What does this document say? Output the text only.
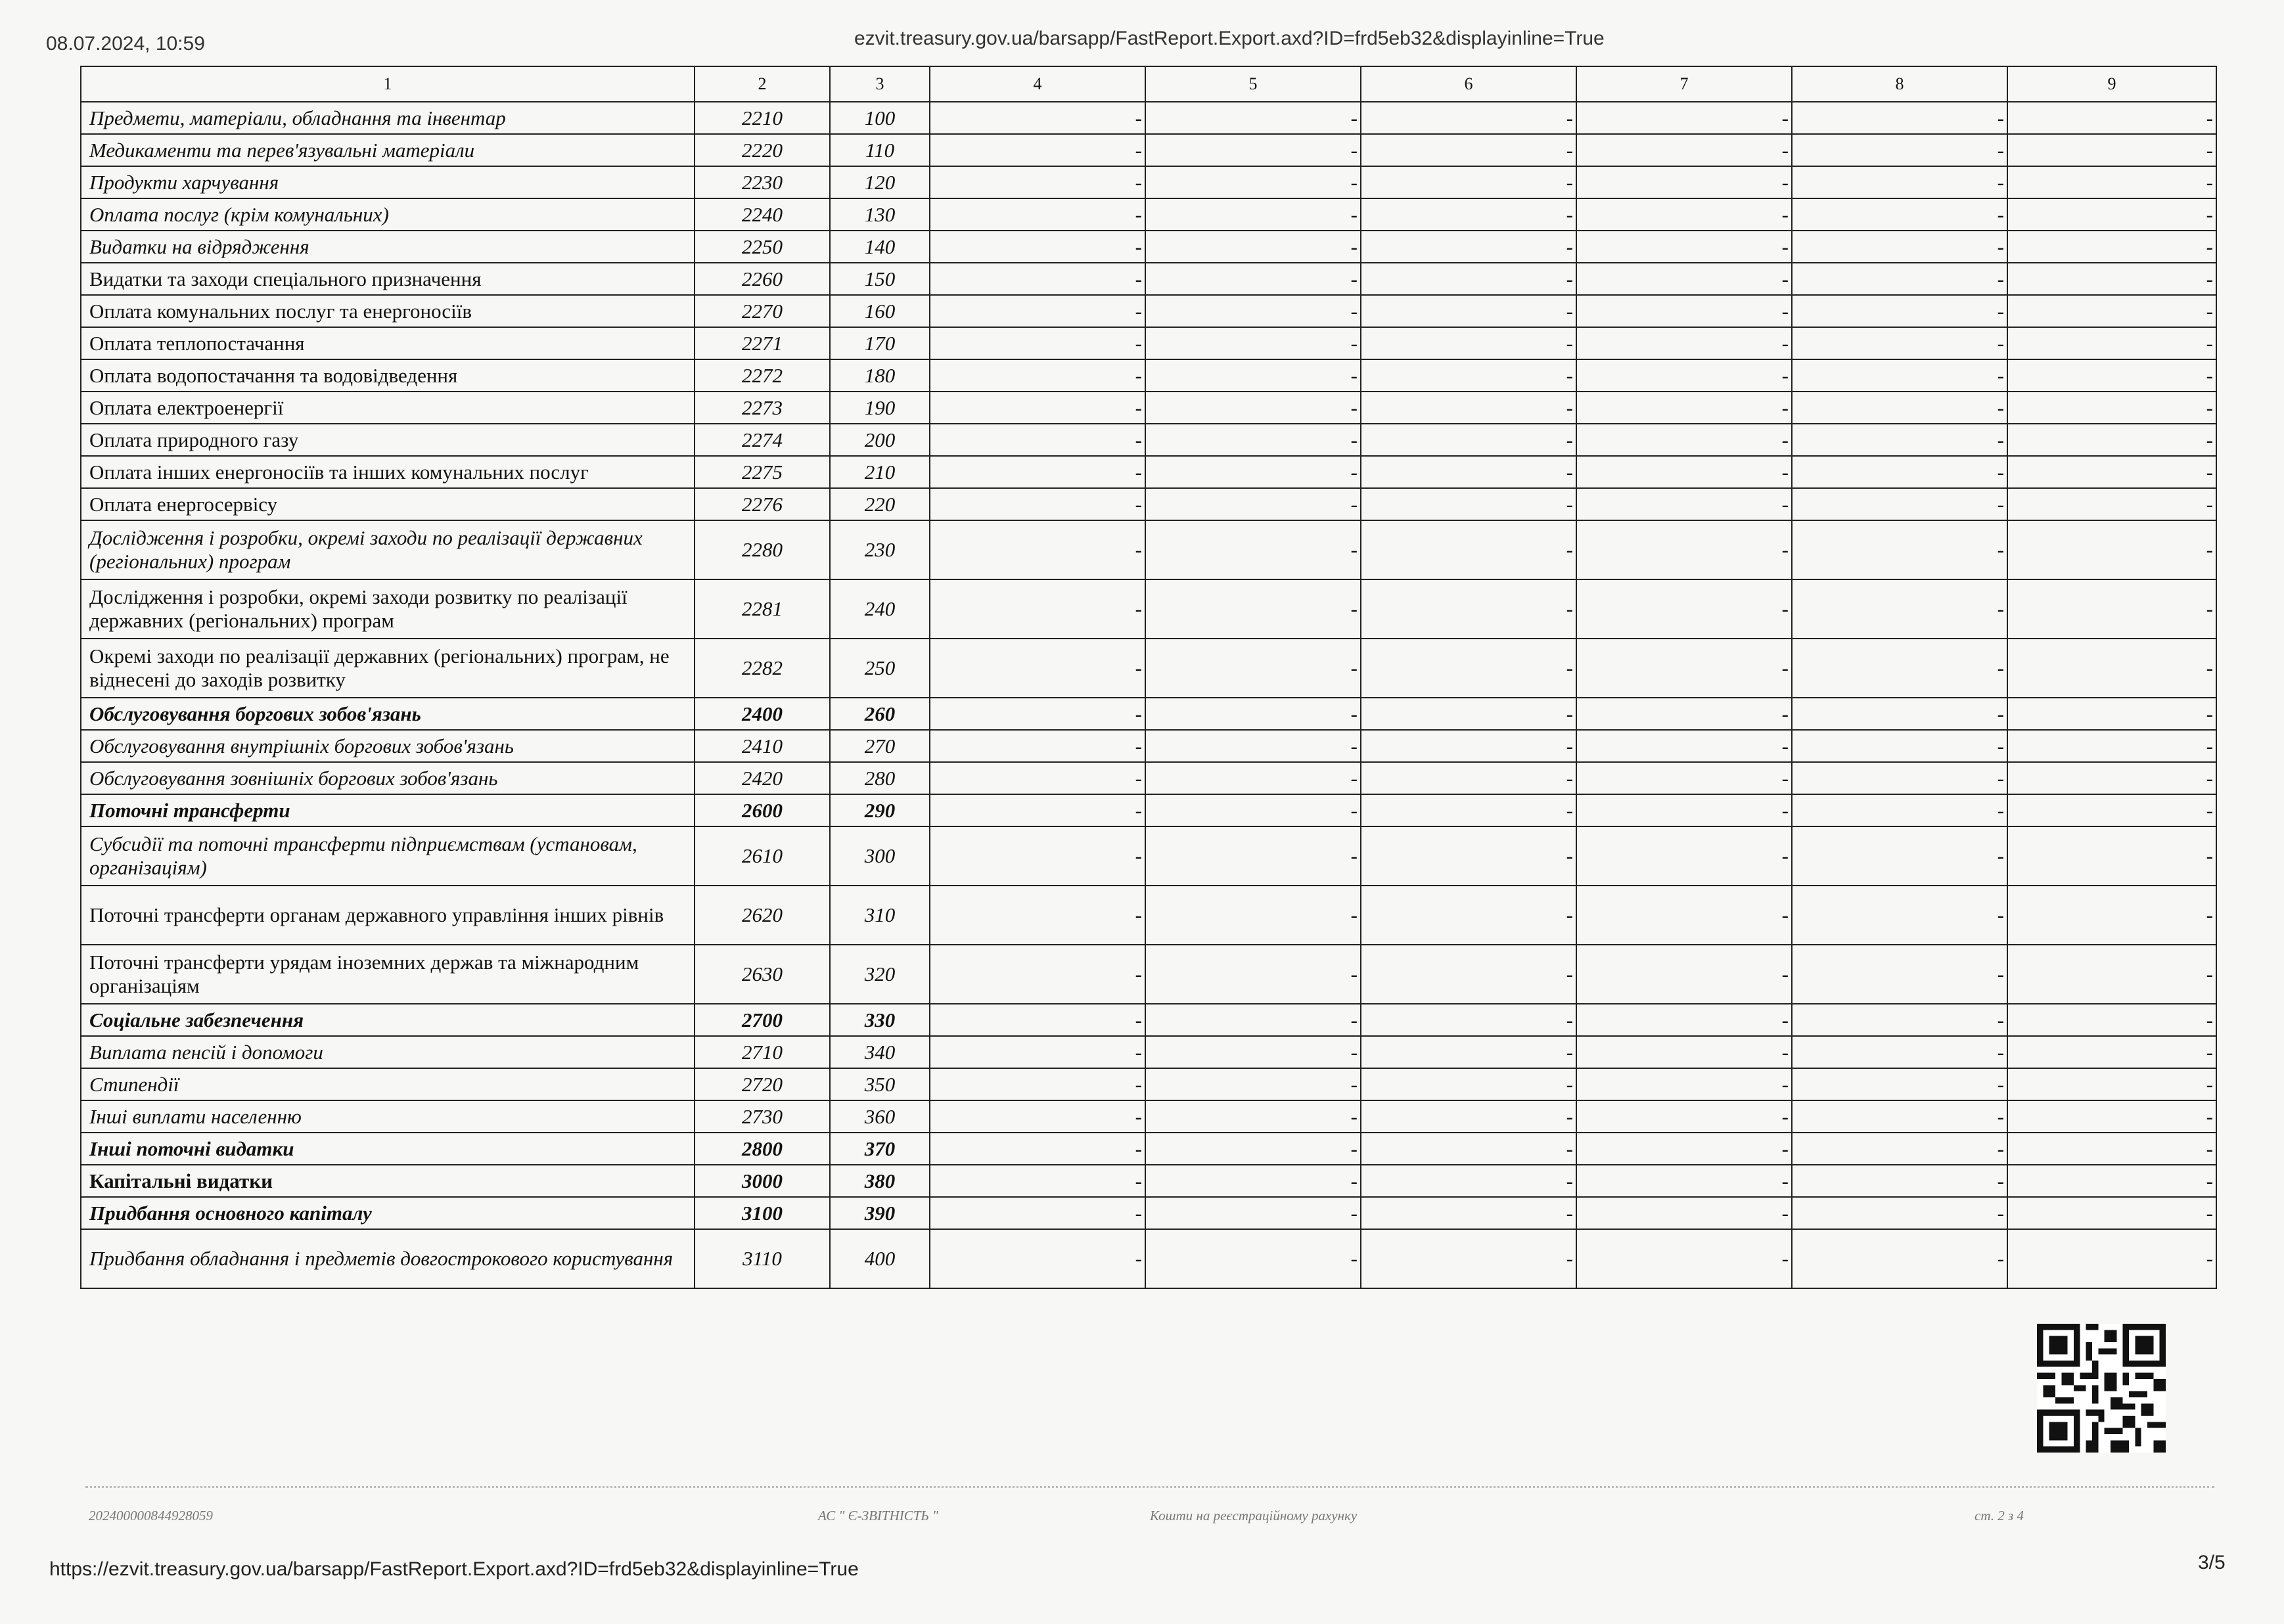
08.07.2024, 10:59	ezvit.treasury.gov.ua/barsapp/FastReport.Export.axd?ID=frd5eb32&displayinline=True
1	2	3	4	5	6	7	8	9
Предмети, матеріали, обладнання та інвентар	2210	100	-	-	-	-	-	-
Медикаменти та перев'язувальні матеріали	2220	110	-	-	-	-	-	-
Продукти харчування	2230	120	-	-	-	-	-	-
Оплата послуг (крім комунальних)	2240	130	-	-	-	-	-	-
Видатки на відрядження	2250	140	-	-	-	-	-	-
Видатки та заходи спеціального призначення	2260	150	-	-	-	-	-	-
Оплата комунальних послуг та енергоносіїв	2270	160	-	-	-	-	-	-
Оплата теплопостачання	2271	170	-	-	-	-	-	-
Оплата водопостачання та водовідведення	2272	180	-	-	-	-	-	-
Оплата електроенергії	2273	190	-	-	-	-	-	-
Оплата природного газу	2274	200	-	-	-	-	-	-
Оплата інших енергоносіїв та інших комунальних послуг	2275	210	-	-	-	-	-	-
Оплата енергосервісу	2276	220	-	-	-	-	-	-
Дослідження і розробки, окремі заходи по реалізації державних (регіональних) програм	2280	230	-	-	-	-	-	-
Дослідження і розробки, окремі заходи розвитку по реалізації державних (регіональних) програм	2281	240	-	-	-	-	-	-
Окремі заходи по реалізації державних (регіональних) програм, не віднесені до заходів розвитку	2282	250	-	-	-	-	-	-
Обслуговування боргових зобов'язань	2400	260	-	-	-	-	-	-
Обслуговування внутрішніх боргових зобов'язань	2410	270	-	-	-	-	-	-
Обслуговування зовнішніх боргових зобов'язань	2420	280	-	-	-	-	-	-
Поточні трансферти	2600	290	-	-	-	-	-	-
Субсидії та поточні трансферти підприємствам (установам, організаціям)	2610	300	-	-	-	-	-	-
Поточні трансферти органам державного управління інших рівнів	2620	310	-	-	-	-	-	-
Поточні трансферти урядам іноземних держав та міжнародним організаціям	2630	320	-	-	-	-	-	-
Соціальне забезпечення	2700	330	-	-	-	-	-	-
Виплата пенсій і допомоги	2710	340	-	-	-	-	-	-
Стипендії	2720	350	-	-	-	-	-	-
Інші виплати населенню	2730	360	-	-	-	-	-	-
Інші поточні видатки	2800	370	-	-	-	-	-	-
Капітальні видатки	3000	380	-	-	-	-	-	-
Придбання основного капіталу	3100	390	-	-	-	-	-	-
Придбання обладнання і предметів довгострокового користування	3110	400	-	-	-	-	-	-
20240000084492805​9	АС " Є-ЗВІТНІСТЬ "	Кошти на реєстраційному рахунку	ст. 2 з 4
https://ezvit.treasury.gov.ua/barsapp/FastReport.Export.axd?ID=frd5eb32&displayinline=True	3/5
